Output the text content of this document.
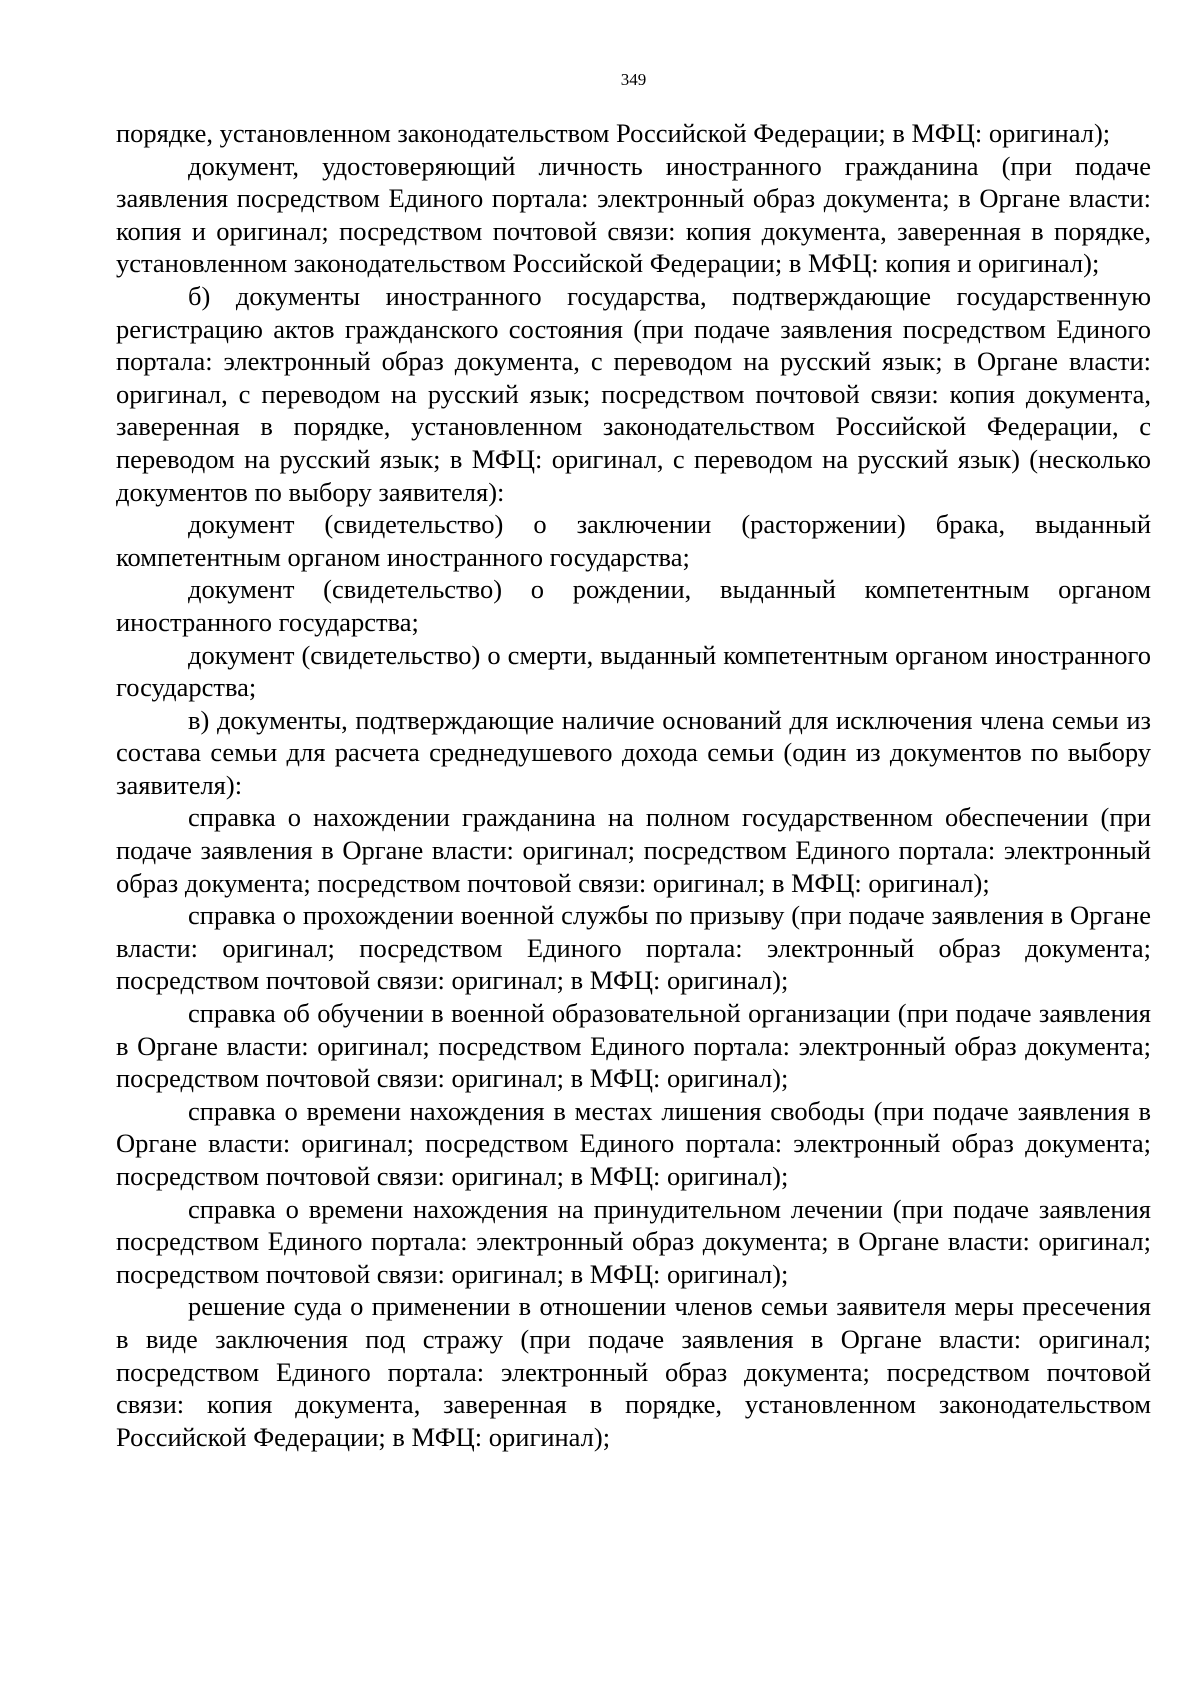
349

порядке, установленном законодательством Российской Федерации; в МФЦ: оригинал);

документ, удостоверяющий личность иностранного гражданина (при подаче заявления посредством Единого портала: электронный образ документа; в Органе власти: копия и оригинал; посредством почтовой связи: копия документа, заверенная в порядке, установленном законодательством Российской Федерации; в МФЦ: копия и оригинал);

б) документы иностранного государства, подтверждающие государственную регистрацию актов гражданского состояния (при подаче заявления посредством Единого портала: электронный образ документа, с переводом на русский язык; в Органе власти: оригинал, с переводом на русский язык; посредством почтовой связи: копия документа, заверенная в порядке, установленном законодательством Российской Федерации, с переводом на русский язык; в МФЦ: оригинал, с переводом на русский язык) (несколько документов по выбору заявителя):

документ (свидетельство) о заключении (расторжении) брака, выданный компетентным органом иностранного государства;

документ (свидетельство) о рождении, выданный компетентным органом иностранного государства;

документ (свидетельство) о смерти, выданный компетентным органом иностранного государства;

в) документы, подтверждающие наличие оснований для исключения члена семьи из состава семьи для расчета среднедушевого дохода семьи (один из документов по выбору заявителя):

справка о нахождении гражданина на полном государственном обеспечении (при подаче заявления в Органе власти: оригинал; посредством Единого портала: электронный образ документа; посредством почтовой связи: оригинал; в МФЦ: оригинал);

справка о прохождении военной службы по призыву (при подаче заявления в Органе власти: оригинал; посредством Единого портала: электронный образ документа; посредством почтовой связи: оригинал; в МФЦ: оригинал);

справка об обучении в военной образовательной организации (при подаче заявления в Органе власти: оригинал; посредством Единого портала: электронный образ документа; посредством почтовой связи: оригинал; в МФЦ: оригинал);

справка о времени нахождения в местах лишения свободы (при подаче заявления в Органе власти: оригинал; посредством Единого портала: электронный образ документа; посредством почтовой связи: оригинал; в МФЦ: оригинал);

справка о времени нахождения на принудительном лечении (при подаче заявления посредством Единого портала: электронный образ документа; в Органе власти: оригинал; посредством почтовой связи: оригинал; в МФЦ: оригинал);

решение суда о применении в отношении членов семьи заявителя меры пресечения в виде заключения под стражу (при подаче заявления в Органе власти: оригинал; посредством Единого портала: электронный образ документа; посредством почтовой связи: копия документа, заверенная в порядке, установленном законодательством Российской Федерации; в МФЦ: оригинал);
